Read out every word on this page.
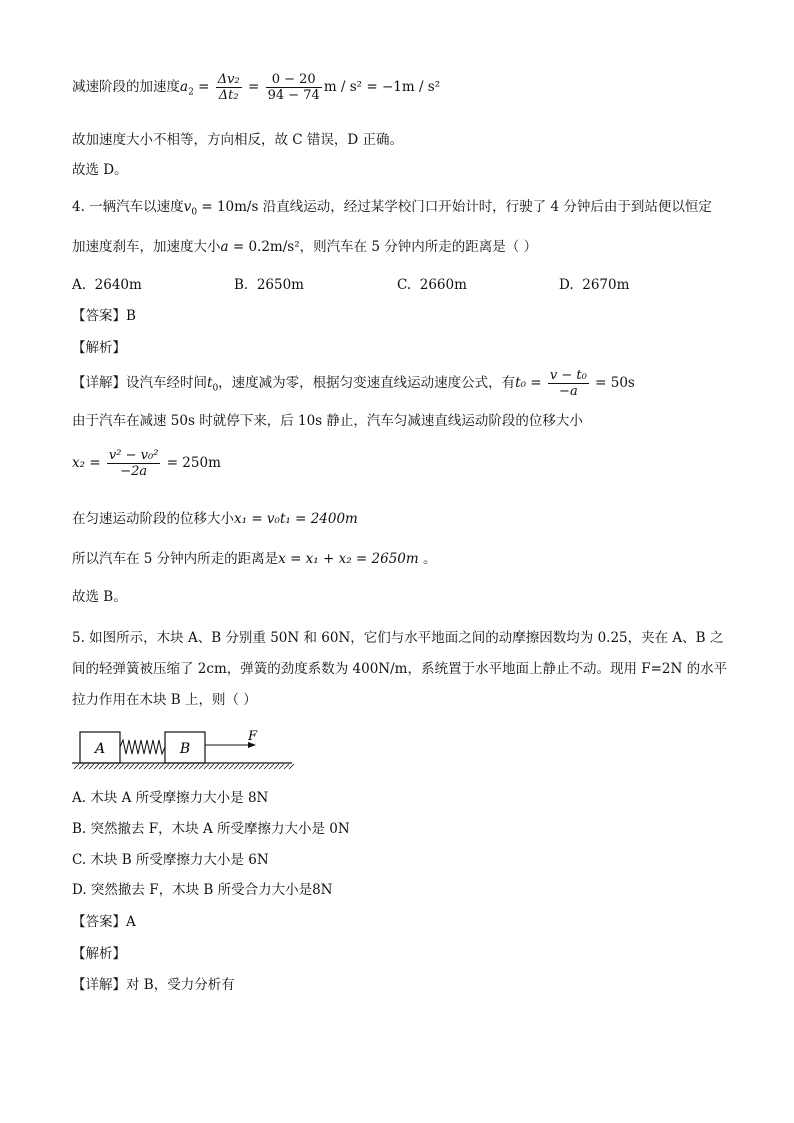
减速阶段的加速度$a_2 = \frac{\text{Δv₂}}{\text{Δt₂}} = \frac{0 - 20}{94 - 74}$ m / s² = −1m / s²
故加速度大小不相等，方向相反，故 C 错误，D 正确。
故选 D。
4. 一辆汽车以速度$v_0 = 10m/s$ 沿直线运动，经过某学校门口开始计时，行驶了 4 分钟后由于到站便以恒定
加速度刹车，加速度大小a = 0.2m/s²，则汽车在 5 分钟内所走的距离是（ ）
A. 2640m	B. 2650m	C. 2660m	D. 2670m
【答案】B
【解析】
【详解】设汽车经时间$t_0$，速度减为零，根据匀变速直线运动速度公式，有$t_0 = \frac{\text{v − t₀}}{-a} = 50s$
由于汽车在减速 50s 时就停下来，后 10s 静止，汽车匀减速直线运动阶段的位移大小
$x_2 = \frac{\text{v² − v₀²}}{-2a} = 250m$
在匀速运动阶段的位移大小x₁ = v₀t₁ = 2400m
所以汽车在 5 分钟内所走的距离是x = x₁ + x₂ = 2650m 。
故选 B。
5. 如图所示，木块 A、B 分别重 50N 和 60N，它们与水平地面之间的动摩擦因数均为 0.25，夹在 A、B 之
间的轻弹簧被压缩了 2cm，弹簧的劲度系数为 400N/m，系统置于水平地面上静止不动。现用 F=2N 的水平
拉力作用在木块 B 上，则（ ）
A	B
F
A. 木块 A 所受摩擦力大小是 8N
B. 突然撤去 F，木块 A 所受摩擦力大小是 0N
C. 木块 B 所受摩擦力大小是 6N
D. 突然撤去 F，木块 B 所受合力大小是8N
【答案】A
【解析】
【详解】对 B，受力分析有
